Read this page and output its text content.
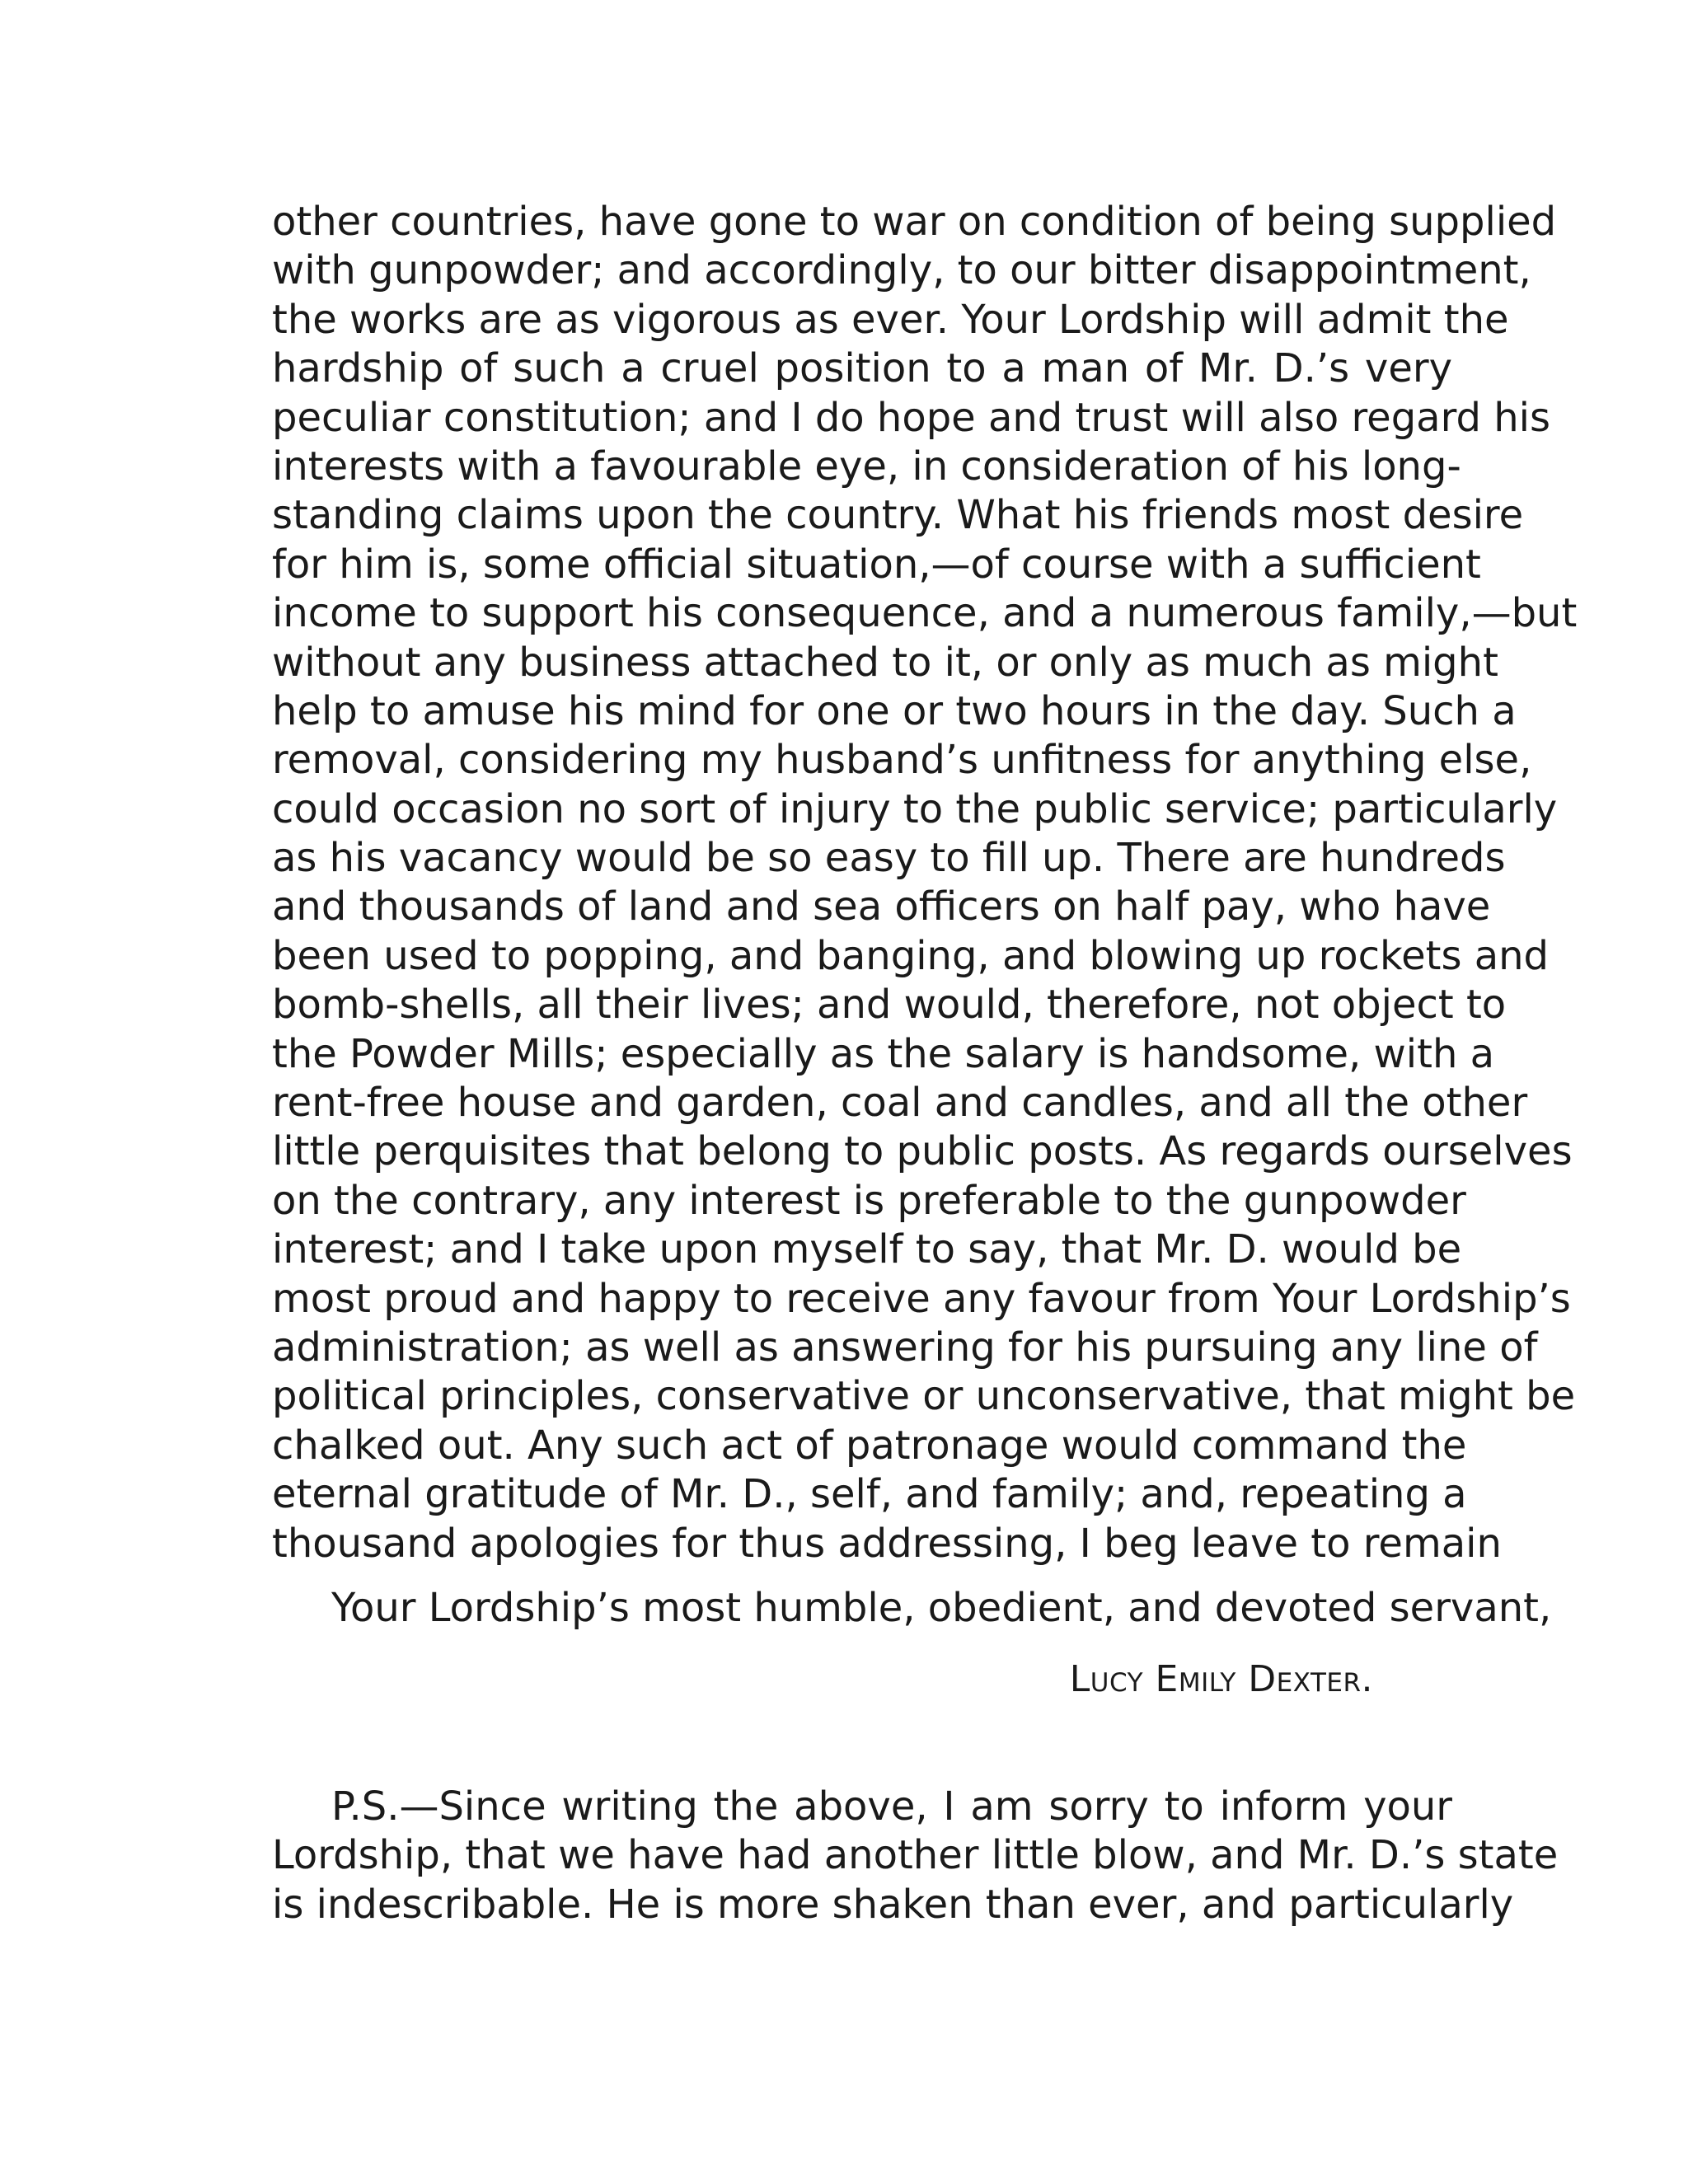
other countries, have gone to war on condition of being supplied
with gunpowder; and accordingly, to our bitter disappointment,
the works are as vigorous as ever. Your Lordship will admit the
hardship of such a cruel position to a man of Mr. D.’s very
peculiar constitution; and I do hope and trust will also regard his
interests with a favourable eye, in consideration of his long-
standing claims upon the country. What his friends most desire
for him is, some official situation,—of course with a sufficient
income to support his consequence, and a numerous family,—but
without any business attached to it, or only as much as might
help to amuse his mind for one or two hours in the day. Such a
removal, considering my husband’s unfitness for anything else,
could occasion no sort of injury to the public service; particularly
as his vacancy would be so easy to fill up. There are hundreds
and thousands of land and sea officers on half pay, who have
been used to popping, and banging, and blowing up rockets and
bomb-shells, all their lives; and would, therefore, not object to
the Powder Mills; especially as the salary is handsome, with a
rent-free house and garden, coal and candles, and all the other
little perquisites that belong to public posts. As regards ourselves
on the contrary, any interest is preferable to the gunpowder
interest; and I take upon myself to say, that Mr. D. would be
most proud and happy to receive any favour from Your Lordship’s
administration; as well as answering for his pursuing any line of
political principles, conservative or unconservative, that might be
chalked out. Any such act of patronage would command the
eternal gratitude of Mr. D., self, and family; and, repeating a
thousand apologies for thus addressing, I beg leave to remain
Your Lordship’s most humble, obedient, and devoted servant,
Lucy Emily Dexter.
P.S.—Since writing the above, I am sorry to inform your
Lordship, that we have had another little blow, and Mr. D.’s state
is indescribable. He is more shaken than ever, and particularly
